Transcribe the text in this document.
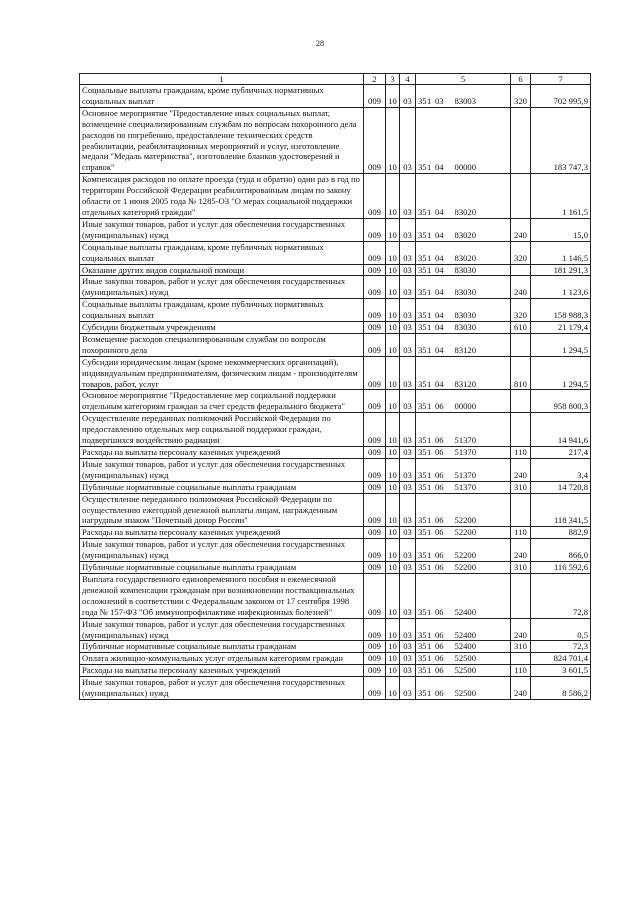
28
1	2	3	4	5	6	7
Социальные выплаты гражданам, кроме публичных нормативных социальных выплат	009	10	03	351 03 83003	320	702 995,9
Основное мероприятие "Предоставление иных социальных выплат, возмещение специализированным службам по вопросам похоронного дела расходов по погребению, предоставление технических средств реабилитации, реабилитационных мероприятий и услуг, изготовление медали "Медаль материнства", изготовление бланков удостоверений и справок"	009	10	03	351 04 00000		183 747,3
Компенсация расходов по оплате проезда (туда и обратно) один раз в год по территории Российской Федерации реабилитированным лицам по закону области от 1 июня 2005 года № 1285-ОЗ "О мерах социальной поддержки отдельных категорий граждан"	009	10	03	351 04 83020		1 161,5
Иные закупки товаров, работ и услуг для обеспечения государственных (муниципальных) нужд	009	10	03	351 04 83020	240	15,0
Социальные выплаты гражданам, кроме публичных нормативных социальных выплат	009	10	03	351 04 83020	320	1 146,5
Оказание других видов социальной помощи	009	10	03	351 04 83030		181 291,3
Иные закупки товаров, работ и услуг для обеспечения государственных (муниципальных) нужд	009	10	03	351 04 83030	240	1 123,6
Социальные выплаты гражданам, кроме публичных нормативных социальных выплат	009	10	03	351 04 83030	320	158 988,3
Субсидии бюджетным учреждениям	009	10	03	351 04 83030	610	21 179,4
Возмещение расходов специализированным службам по вопросам похоронного дела	009	10	03	351 04 83120		1 294,5
Субсидии юридическим лицам (кроме некоммерческих организаций), индивидуальным предпринимателям, физическим лицам - производителям товаров, работ, услуг	009	10	03	351 04 83120	810	1 294,5
Основное мероприятие "Предоставление мер социальной поддержки отдельным категориям граждан за счет средств федерального бюджета"	009	10	03	351 06 00000		958 800,3
Осуществление переданных полномочий Российской Федерации по предоставлению отдельных мер социальной поддержки граждан, подвергшихся воздействию радиации	009	10	03	351 06 51370		14 941,6
Расходы на выплаты персоналу казенных учреждений	009	10	03	351 06 51370	110	217,4
Иные закупки товаров, работ и услуг для обеспечения государственных (муниципальных) нужд	009	10	03	351 06 51370	240	3,4
Публичные нормативные социальные выплаты гражданам	009	10	03	351 06 51370	310	14 720,8
Осуществление переданного полномочия Российской Федерации по осуществлению ежегодной денежной выплаты лицам, награжденным нагрудным знаком "Почетный донор России"	009	10	03	351 06 52200		118 341,5
Расходы на выплаты персоналу казенных учреждений	009	10	03	351 06 52200	110	882,9
Иные закупки товаров, работ и услуг для обеспечения государственных (муниципальных) нужд	009	10	03	351 06 52200	240	866,0
Публичные нормативные социальные выплаты гражданам	009	10	03	351 06 52200	310	116 592,6
Выплата государственного единовременного пособия и ежемесячной денежной компенсации гражданам при возникновении поствакцинальных осложнений в соответствии с Федеральным законом от 17 сентября 1998 года № 157-ФЗ "Об иммунопрофилактике инфекционных болезней"	009	10	03	351 06 52400		72,8
Иные закупки товаров, работ и услуг для обеспечения государственных (муниципальных) нужд	009	10	03	351 06 52400	240	0,5
Публичные нормативные социальные выплаты гражданам	009	10	03	351 06 52400	310	72,3
Оплата жилищно-коммунальных услуг отдельным категориям граждан	009	10	03	351 06 52500		824 701,4
Расходы на выплаты персоналу казенных учреждений	009	10	03	351 06 52500	110	3 601,5
Иные закупки товаров, работ и услуг для обеспечения государственных (муниципальных) нужд	009	10	03	351 06 52500	240	8 586,2
